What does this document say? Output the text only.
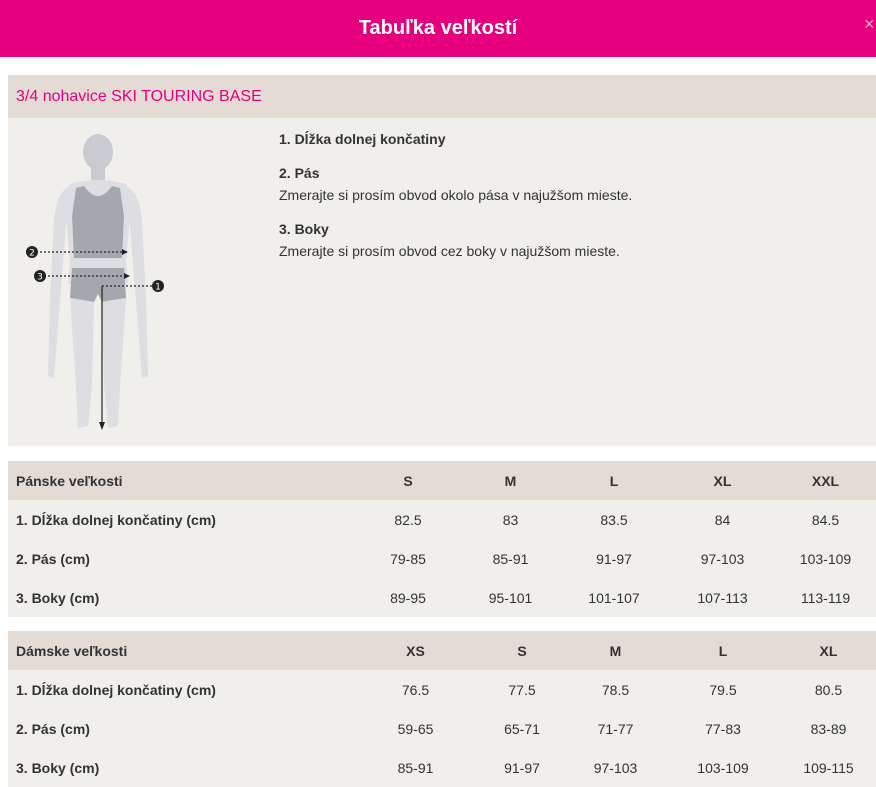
Tabuľka veľkostí	×
3/4 nohavice SKI TOURING BASE
2
3
1
1. Dĺžka dolnej končatiny
2. Pás
Zmerajte si prosím obvod okolo pása v najužšom mieste.
3. Boky
Zmerajte si prosím obvod cez boky v najužšom mieste.
Pánske veľkosti	S	M	L	XL	XXL
1. Dĺžka dolnej končatiny (cm)	82.5	83	83.5	84	84.5
2. Pás (cm)	79-85	85-91	91-97	97-103	103-109
3. Boky (cm)	89-95	95-101	101-107	107-113	113-119
Dámske veľkosti	XS	S	M	L	XL
1. Dĺžka dolnej končatiny (cm)	76.5	77.5	78.5	79.5	80.5
2. Pás (cm)	59-65	65-71	71-77	77-83	83-89
3. Boky (cm)	85-91	91-97	97-103	103-109	109-115
